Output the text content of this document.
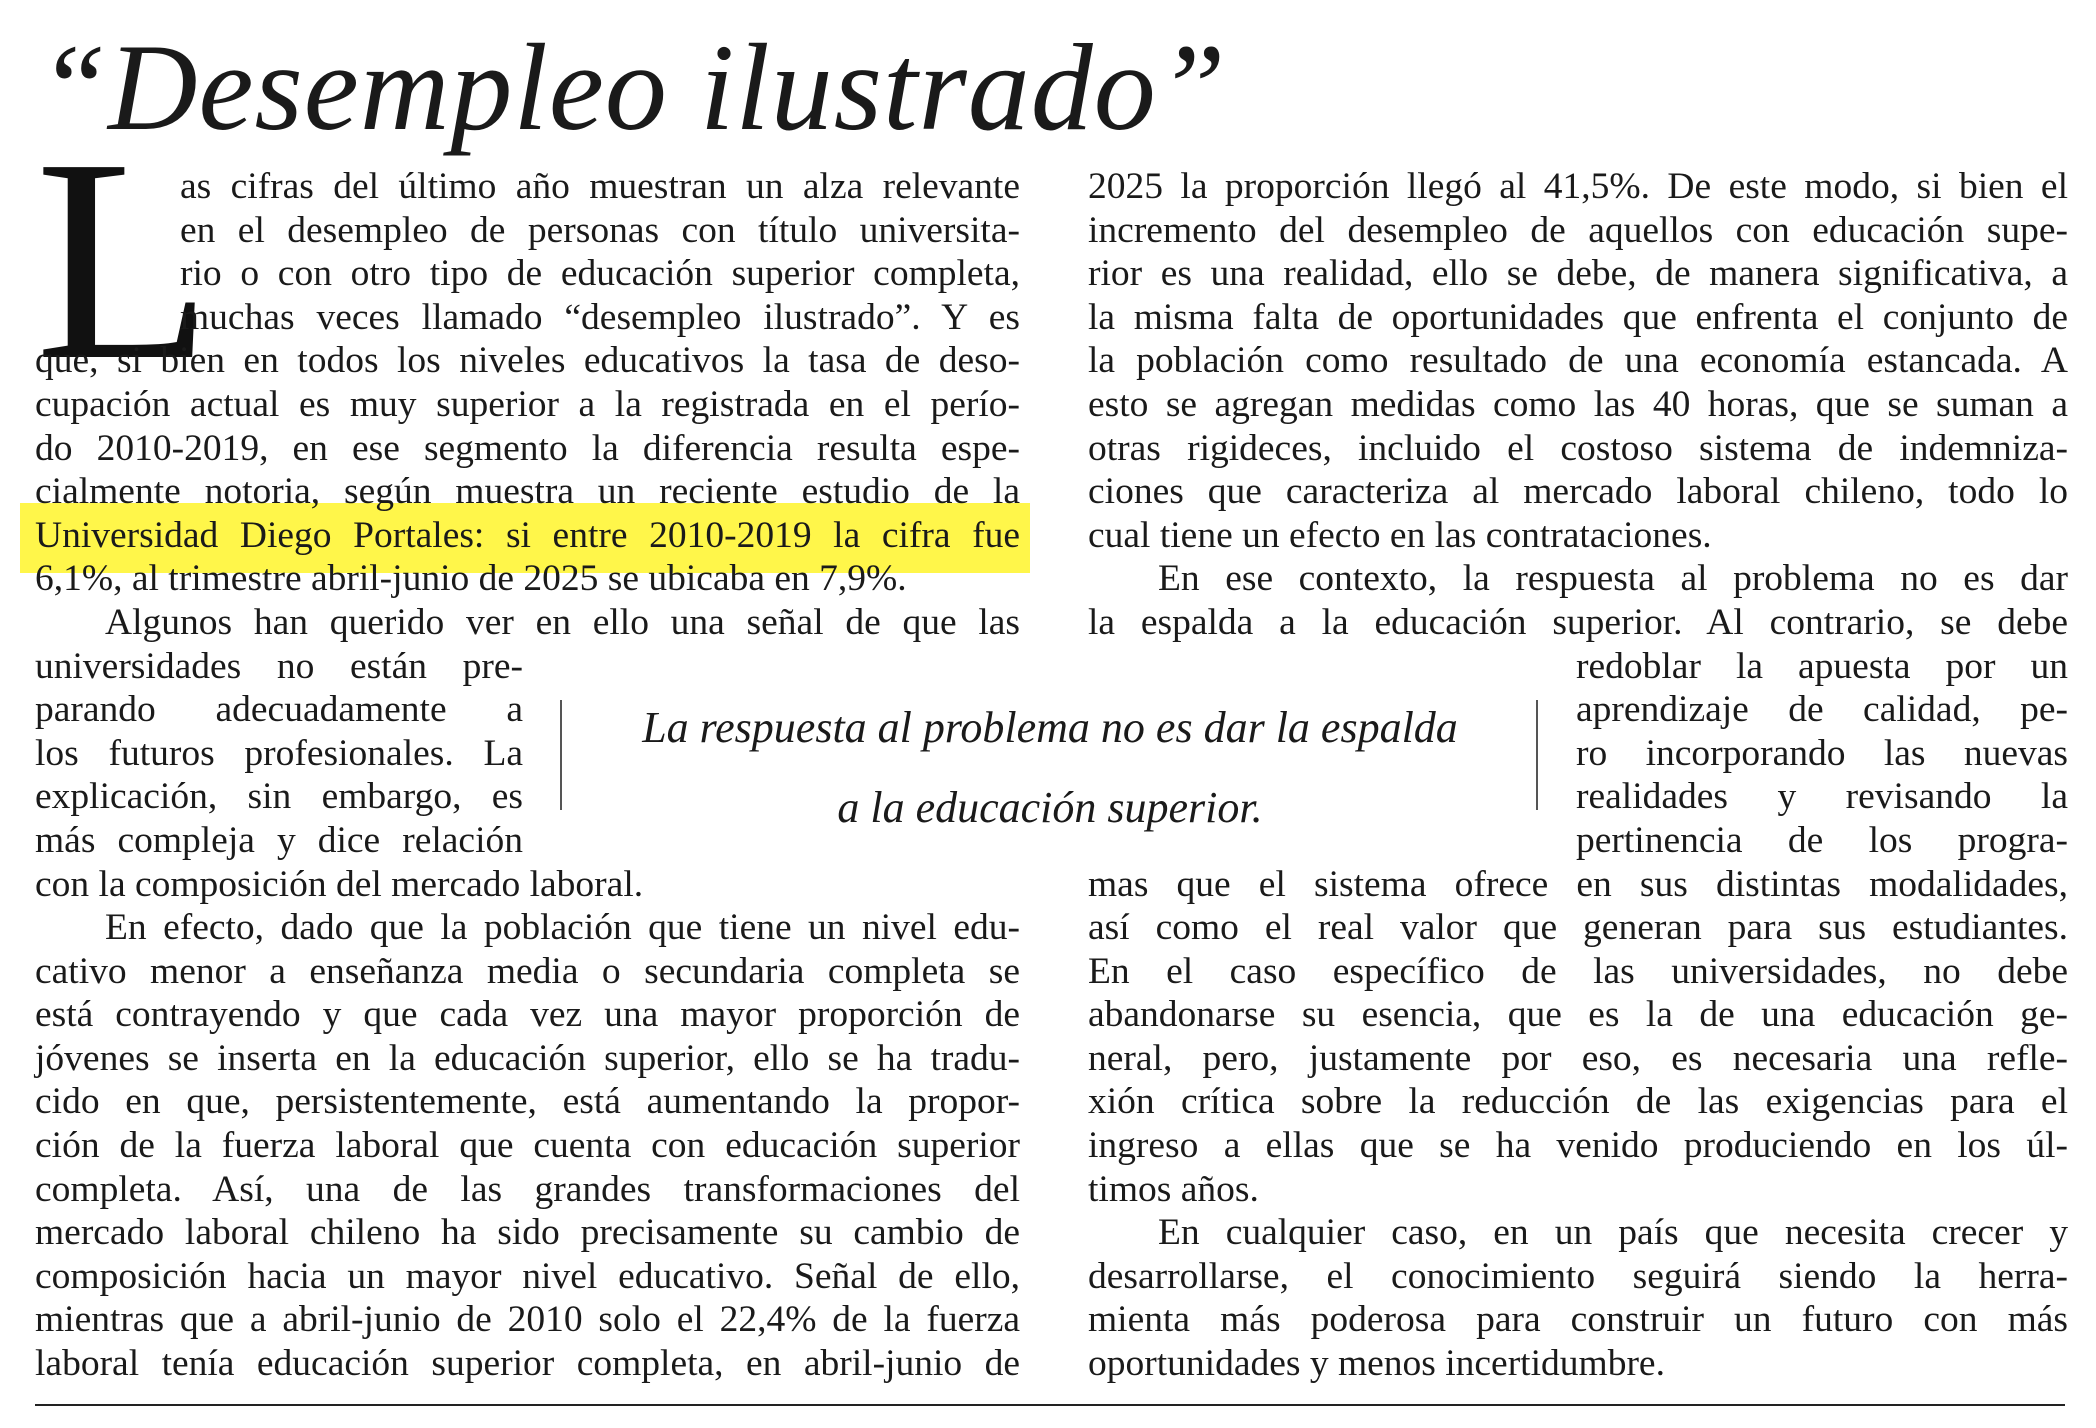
“Desempleo ilustrado”
L
as cifras del último año muestran un alza relevante
en el desempleo de personas con título universita-
rio o con otro tipo de educación superior completa,
muchas veces llamado “desempleo ilustrado”. Y es
que, si bien en todos los niveles educativos la tasa de deso-
cupación actual es muy superior a la registrada en el perío-
do 2010-2019, en ese segmento la diferencia resulta espe-
cialmente notoria, según muestra un reciente estudio de la
Universidad Diego Portales: si entre 2010-2019 la cifra fue
6,1%, al trimestre abril-junio de 2025 se ubicaba en 7,9%.
Algunos han querido ver en ello una señal de que las
universidades no están pre-
parando adecuadamente a
los futuros profesionales. La
explicación, sin embargo, es
más compleja y dice relación
con la composición del mercado laboral.
En efecto, dado que la población que tiene un nivel edu-
cativo menor a enseñanza media o secundaria completa se
está contrayendo y que cada vez una mayor proporción de
jóvenes se inserta en la educación superior, ello se ha tradu-
cido en que, persistentemente, está aumentando la propor-
ción de la fuerza laboral que cuenta con educación superior
completa. Así, una de las grandes transformaciones del
mercado laboral chileno ha sido precisamente su cambio de
composición hacia un mayor nivel educativo. Señal de ello,
mientras que a abril-junio de 2010 solo el 22,4% de la fuerza
laboral tenía educación superior completa, en abril-junio de
2025 la proporción llegó al 41,5%. De este modo, si bien el
incremento del desempleo de aquellos con educación supe-
rior es una realidad, ello se debe, de manera significativa, a
la misma falta de oportunidades que enfrenta el conjunto de
la población como resultado de una economía estancada. A
esto se agregan medidas como las 40 horas, que se suman a
otras rigideces, incluido el costoso sistema de indemniza-
ciones que caracteriza al mercado laboral chileno, todo lo
cual tiene un efecto en las contrataciones.
En ese contexto, la respuesta al problema no es dar
la espalda a la educación superior. Al contrario, se debe
redoblar la apuesta por un
aprendizaje de calidad, pe-
ro incorporando las nuevas
realidades y revisando la
pertinencia de los progra-
mas que el sistema ofrece en sus distintas modalidades,
así como el real valor que generan para sus estudiantes.
En el caso específico de las universidades, no debe
abandonarse su esencia, que es la de una educación ge-
neral, pero, justamente por eso, es necesaria una refle-
xión crítica sobre la reducción de las exigencias para el
ingreso a ellas que se ha venido produciendo en los úl-
timos años.
En cualquier caso, en un país que necesita crecer y
desarrollarse, el conocimiento seguirá siendo la herra-
mienta más poderosa para construir un futuro con más
oportunidades y menos incertidumbre.
La respuesta al problema no es dar la espalda
a la educación superior.
